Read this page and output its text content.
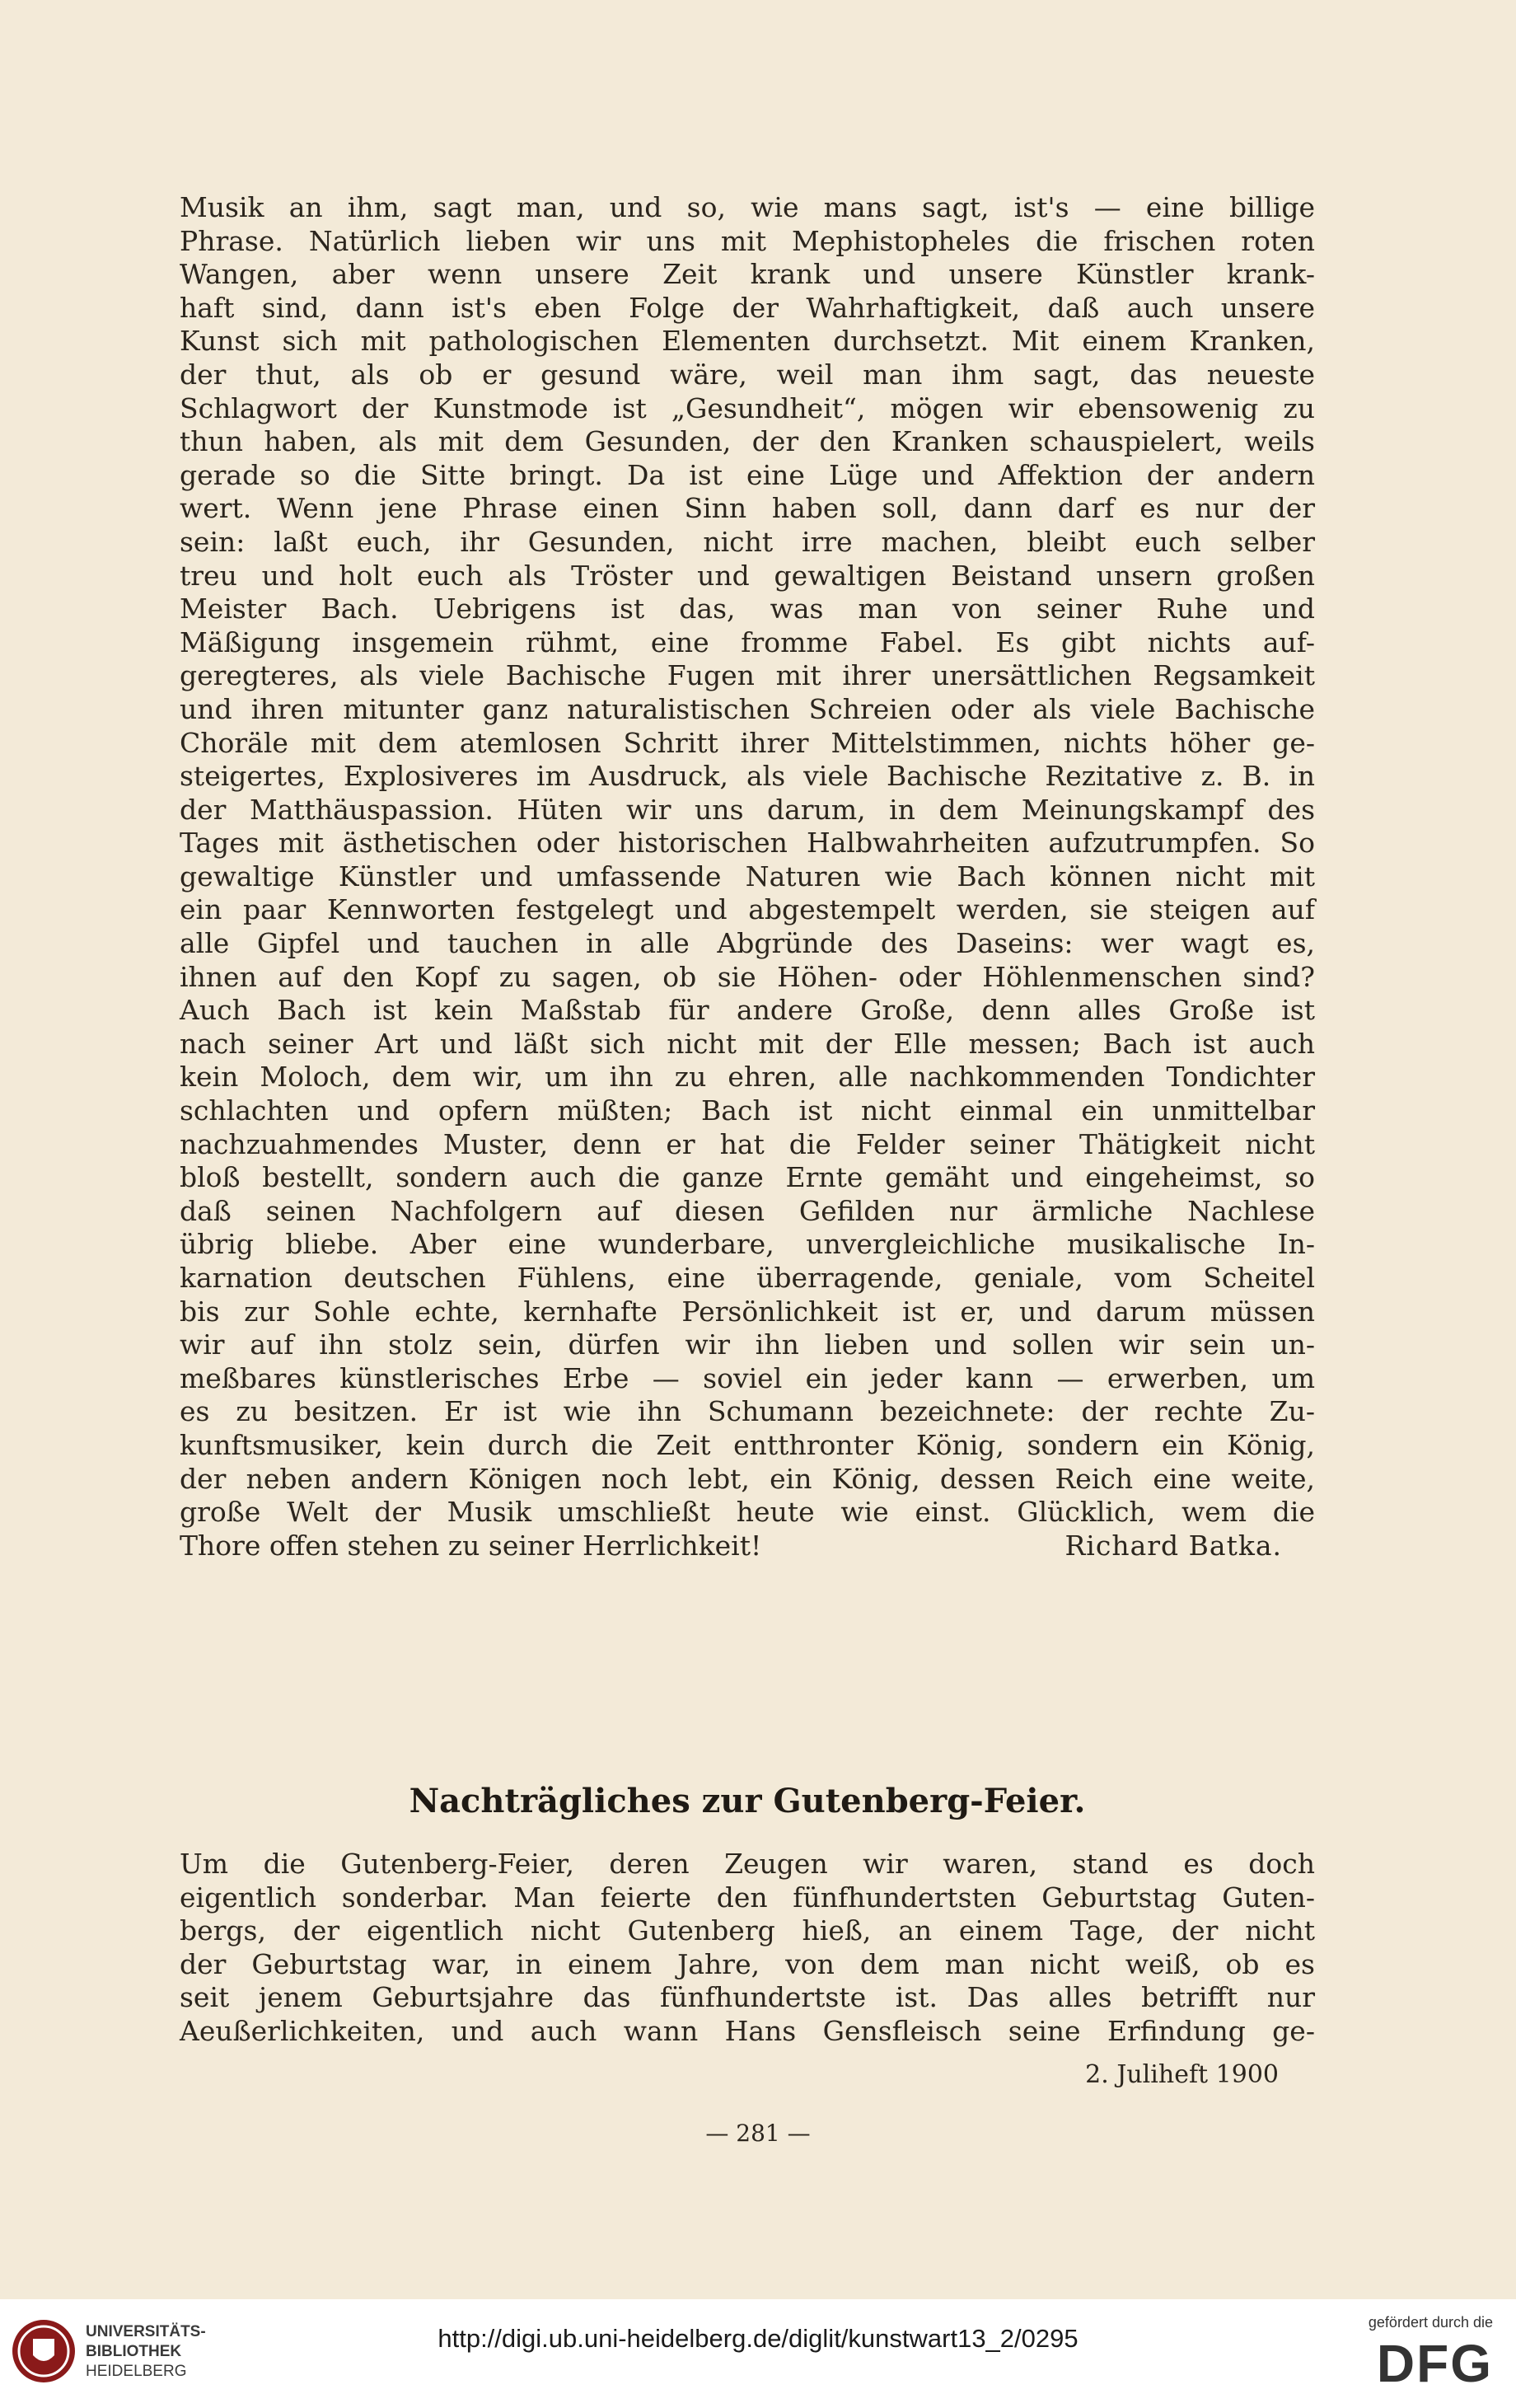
Musik an ihm, sagt man, und so, wie mans sagt, ist's — eine billige
Phrase. Natürlich lieben wir uns mit Mephistopheles die frischen roten
Wangen, aber wenn unsere Zeit krank und unsere Künstler krank-
haft sind, dann ist's eben Folge der Wahrhaftigkeit, daß auch unsere
Kunst sich mit pathologischen Elementen durchsetzt. Mit einem Kranken,
der thut, als ob er gesund wäre, weil man ihm sagt, das neueste
Schlagwort der Kunstmode ist „Gesundheit“, mögen wir ebensowenig zu
thun haben, als mit dem Gesunden, der den Kranken schauspielert, weils
gerade so die Sitte bringt. Da ist eine Lüge und Affektion der andern
wert. Wenn jene Phrase einen Sinn haben soll, dann darf es nur der
sein: laßt euch, ihr Gesunden, nicht irre machen, bleibt euch selber
treu und holt euch als Tröster und gewaltigen Beistand unsern großen
Meister Bach. Uebrigens ist das, was man von seiner Ruhe und
Mäßigung insgemein rühmt, eine fromme Fabel. Es gibt nichts auf-
geregteres, als viele Bachische Fugen mit ihrer unersättlichen Regsamkeit
und ihren mitunter ganz naturalistischen Schreien oder als viele Bachische
Choräle mit dem atemlosen Schritt ihrer Mittelstimmen, nichts höher ge-
steigertes, Explosiveres im Ausdruck, als viele Bachische Rezitative z. B. in
der Matthäuspassion. Hüten wir uns darum, in dem Meinungskampf des
Tages mit ästhetischen oder historischen Halbwahrheiten aufzutrumpfen. So
gewaltige Künstler und umfassende Naturen wie Bach können nicht mit
ein paar Kennworten festgelegt und abgestempelt werden, sie steigen auf
alle Gipfel und tauchen in alle Abgründe des Daseins: wer wagt es,
ihnen auf den Kopf zu sagen, ob sie Höhen- oder Höhlenmenschen sind?
Auch Bach ist kein Maßstab für andere Große, denn alles Große ist
nach seiner Art und läßt sich nicht mit der Elle messen; Bach ist auch
kein Moloch, dem wir, um ihn zu ehren, alle nachkommenden Tondichter
schlachten und opfern müßten; Bach ist nicht einmal ein unmittelbar
nachzuahmendes Muster, denn er hat die Felder seiner Thätigkeit nicht
bloß bestellt, sondern auch die ganze Ernte gemäht und eingeheimst, so
daß seinen Nachfolgern auf diesen Gefilden nur ärmliche Nachlese
übrig bliebe. Aber eine wunderbare, unvergleichliche musikalische In-
karnation deutschen Fühlens, eine überragende, geniale, vom Scheitel
bis zur Sohle echte, kernhafte Persönlichkeit ist er, und darum müssen
wir auf ihn stolz sein, dürfen wir ihn lieben und sollen wir sein un-
meßbares künstlerisches Erbe — soviel ein jeder kann — erwerben, um
es zu besitzen. Er ist wie ihn Schumann bezeichnete: der rechte Zu-
kunftsmusiker, kein durch die Zeit entthronter König, sondern ein König,
der neben andern Königen noch lebt, ein König, dessen Reich eine weite,
große Welt der Musik umschließt heute wie einst. Glücklich, wem die
Thore offen stehen zu seiner Herrlichkeit!	Richard Batka.
Nachträgliches zur Gutenberg-Feier.
Um die Gutenberg-Feier, deren Zeugen wir waren, stand es doch
eigentlich sonderbar. Man feierte den fünfhundertsten Geburtstag Guten-
bergs, der eigentlich nicht Gutenberg hieß, an einem Tage, der nicht
der Geburtstag war, in einem Jahre, von dem man nicht weiß, ob es
seit jenem Geburtsjahre das fünfhundertste ist. Das alles betrifft nur
Aeußerlichkeiten, und auch wann Hans Gensfleisch seine Erfindung ge-
2. Juliheft 1900
— 281 —
UNIVERSITÄTS-
BIBLIOTHEK
HEIDELBERG
http://digi.ub.uni-heidelberg.de/diglit/kunstwart13_2/0295
gefördert durch die
DFG
